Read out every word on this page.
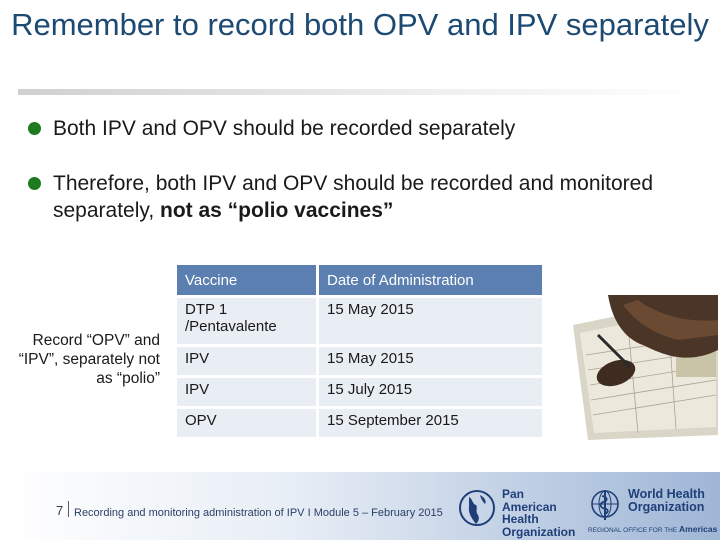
Remember to record both OPV and IPV separately
Both IPV and OPV should be recorded separately
Therefore, both IPV and OPV should be recorded and monitored separately, not as “polio vaccines”
Record “OPV” and “IPV”, separately not as “polio”
Vaccine	Date of Administration
DTP 1 /Pentavalente	15 May 2015
IPV	15 May 2015
IPV	15 July 2015
OPV	15 September 2015
7 Recording and monitoring administration of IPV I Module 5 – February 2015
Pan American
Health
Organization
World Health
Organization
REGIONAL OFFICE FOR THE Americas
